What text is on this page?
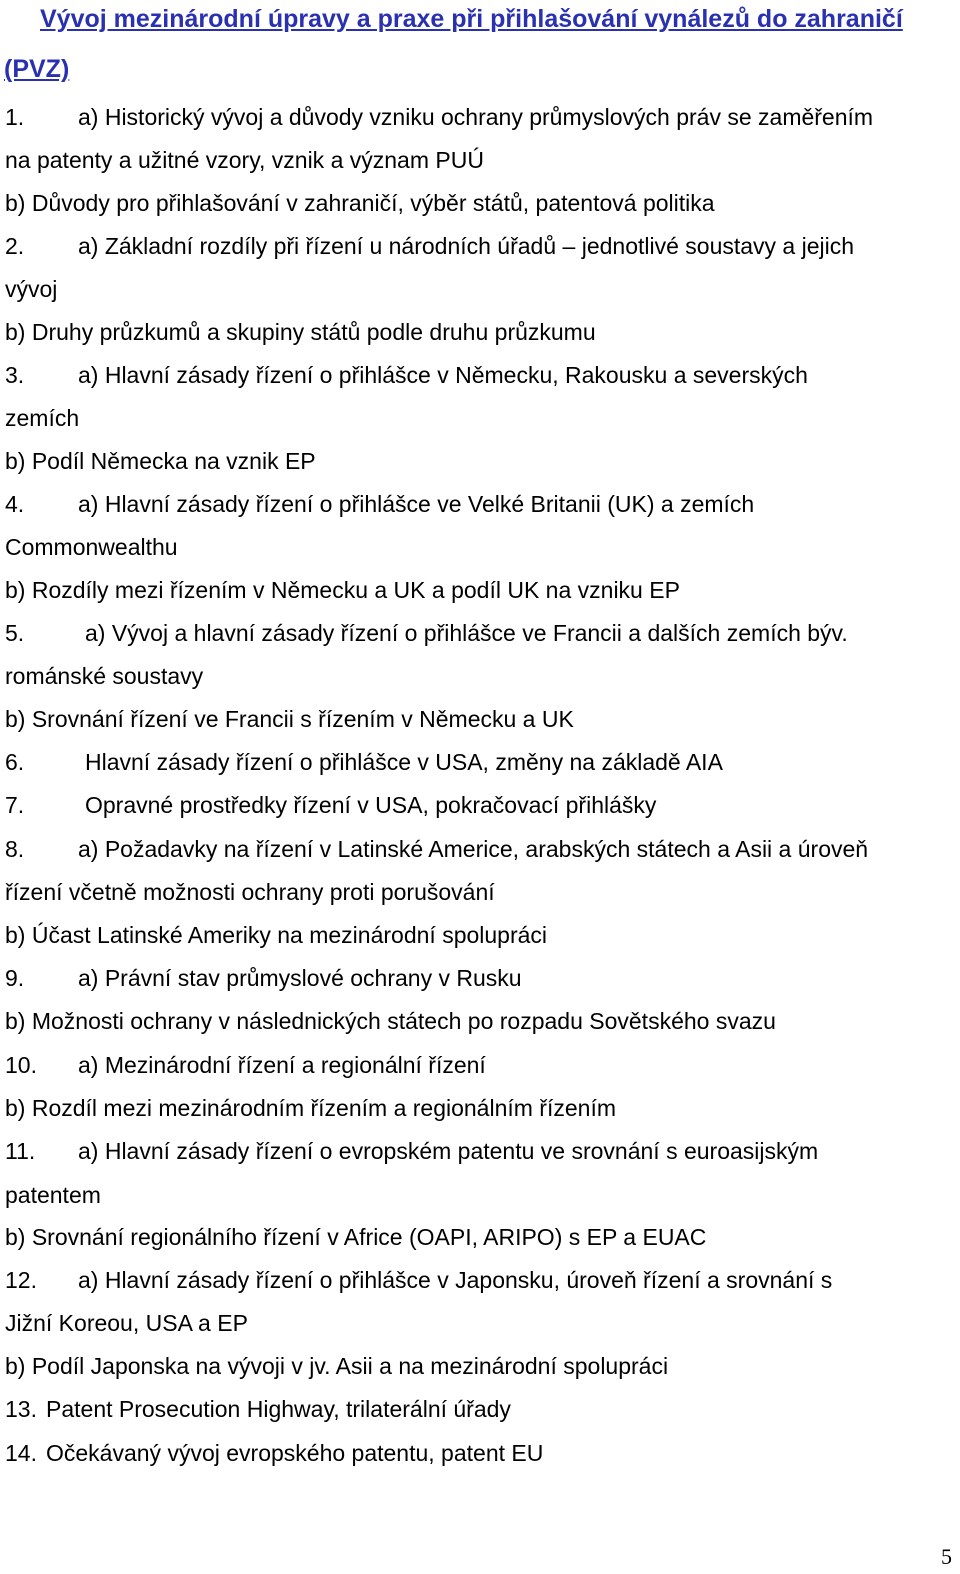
Vývoj mezinárodní úpravy a praxe při přihlašování vynálezů do zahraničí (PVZ)
1. a) Historický vývoj a důvody vzniku ochrany průmyslových práv se zaměřením
na patenty a užitné vzory, vznik a význam PUÚ
b) Důvody pro přihlašování v zahraničí, výběr států, patentová politika
2. a) Základní rozdíly při řízení u národních úřadů – jednotlivé soustavy a jejich
vývoj
b) Druhy průzkumů a skupiny států podle druhu průzkumu
3. a) Hlavní zásady řízení o přihlášce v Německu, Rakousku a severských
zemích
b) Podíl Německa na vznik EP
4. a) Hlavní zásady řízení o přihlášce ve Velké Britanii (UK) a zemích
Commonwealthu
b) Rozdíly mezi řízením v Německu a UK a podíl UK na vzniku EP
5.	a) Vývoj a hlavní zásady řízení o přihlášce ve Francii a dalších zemích býv.
románské soustavy
b) Srovnání řízení ve Francii s řízením v Německu a UK
6.	Hlavní zásady řízení o přihlášce v USA, změny na základě AIA
7.	Opravné prostředky řízení v USA, pokračovací přihlášky
8. a) Požadavky na řízení v Latinské Americe, arabských státech a Asii a úroveň
řízení včetně možnosti ochrany proti porušování
b) Účast Latinské Ameriky na mezinárodní spolupráci
9. a) Právní stav průmyslové ochrany v Rusku
b) Možnosti ochrany v následnických státech po rozpadu Sovětského svazu
10. a) Mezinárodní řízení a regionální řízení
b) Rozdíl mezi mezinárodním řízením a regionálním řízením
11. a) Hlavní zásady řízení o evropském patentu ve srovnání s euroasijským
patentem
b) Srovnání regionálního řízení v Africe (OAPI, ARIPO) s EP a EUAC
12. a) Hlavní zásady řízení o přihlášce v Japonsku, úroveň řízení a srovnání s
Jižní Koreou, USA a EP
b) Podíl Japonska na vývoji v jv. Asii a na mezinárodní spolupráci
13. Patent Prosecution Highway, trilaterální úřady
14. Očekávaný vývoj evropského patentu, patent EU
5
